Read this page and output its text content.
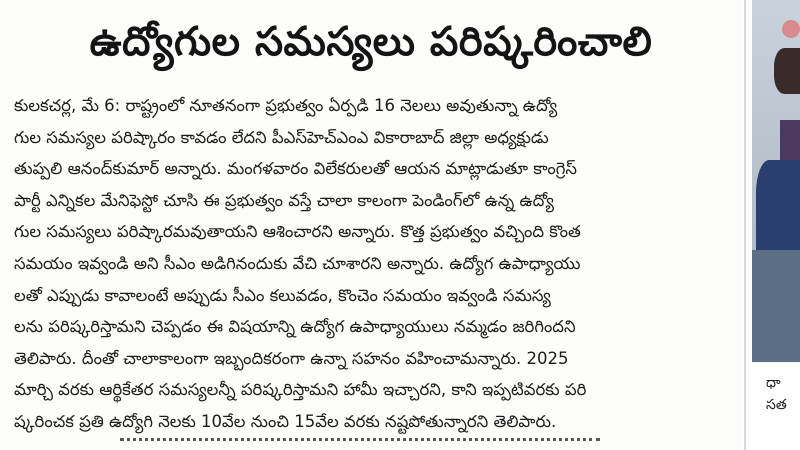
ఉద్యోగుల సమస్యలు పరిష్కరించాలి
కులకచర్ల, మే 6: రాష్ట్రంలో నూతనంగా ప్రభుత్వం ఏర్పడి 16 నెలలు అవుతున్నా ఉద్యో
గుల సమస్యల పరిష్కారం కావడం లేదని పీఎస్‌హెచ్ఎంఎ వికారాబాద్ జిల్లా అధ్యక్షుడు
తుప్పలి ఆనంద్‌కుమార్ అన్నారు. మంగళవారం విలేకరులతో ఆయన మాట్లాడుతూ కాంగ్రెస్
పార్టీ ఎన్నికల మేనిఫెస్టో చూసి ఈ ప్రభుత్వం వస్తే చాలా కాలంగా పెండింగ్‌లో ఉన్న ఉద్యో
గుల సమస్యలు పరిష్కారమవుతాయని ఆశించారని అన్నారు. కొత్త ప్రభుత్వం వచ్చింది కొంత
సమయం ఇవ్వండి అని సీఎం అడిగినందుకు వేచి చూశారని అన్నారు. ఉద్యోగ ఉపాధ్యాయు
లతో ఎప్పుడు కావాలంటే అప్పుడు సీఎం కలువడం, కొంచెం సమయం ఇవ్వండి సమస్య
లను పరిష్కరిస్తామని చెప్పడం ఈ విషయాన్ని ఉద్యోగ ఉపాధ్యాయులు నమ్మడం జరిగిందని
తెలిపారు. దీంతో చాలాకాలంగా ఇబ్బందికరంగా ఉన్నా సహనం వహించామన్నారు. 2025
మార్చి వరకు ఆర్థికేతర సమస్యలన్నీ పరిష్కరిస్తామని హామీ ఇచ్చారని, కాని ఇప్పటివరకు పరి
ష్కరించక ప్రతి ఉద్యోగి నెలకు 10వేల నుంచి 15వేల వరకు నష్టపోతున్నారని తెలిపారు.
ధా
సత
